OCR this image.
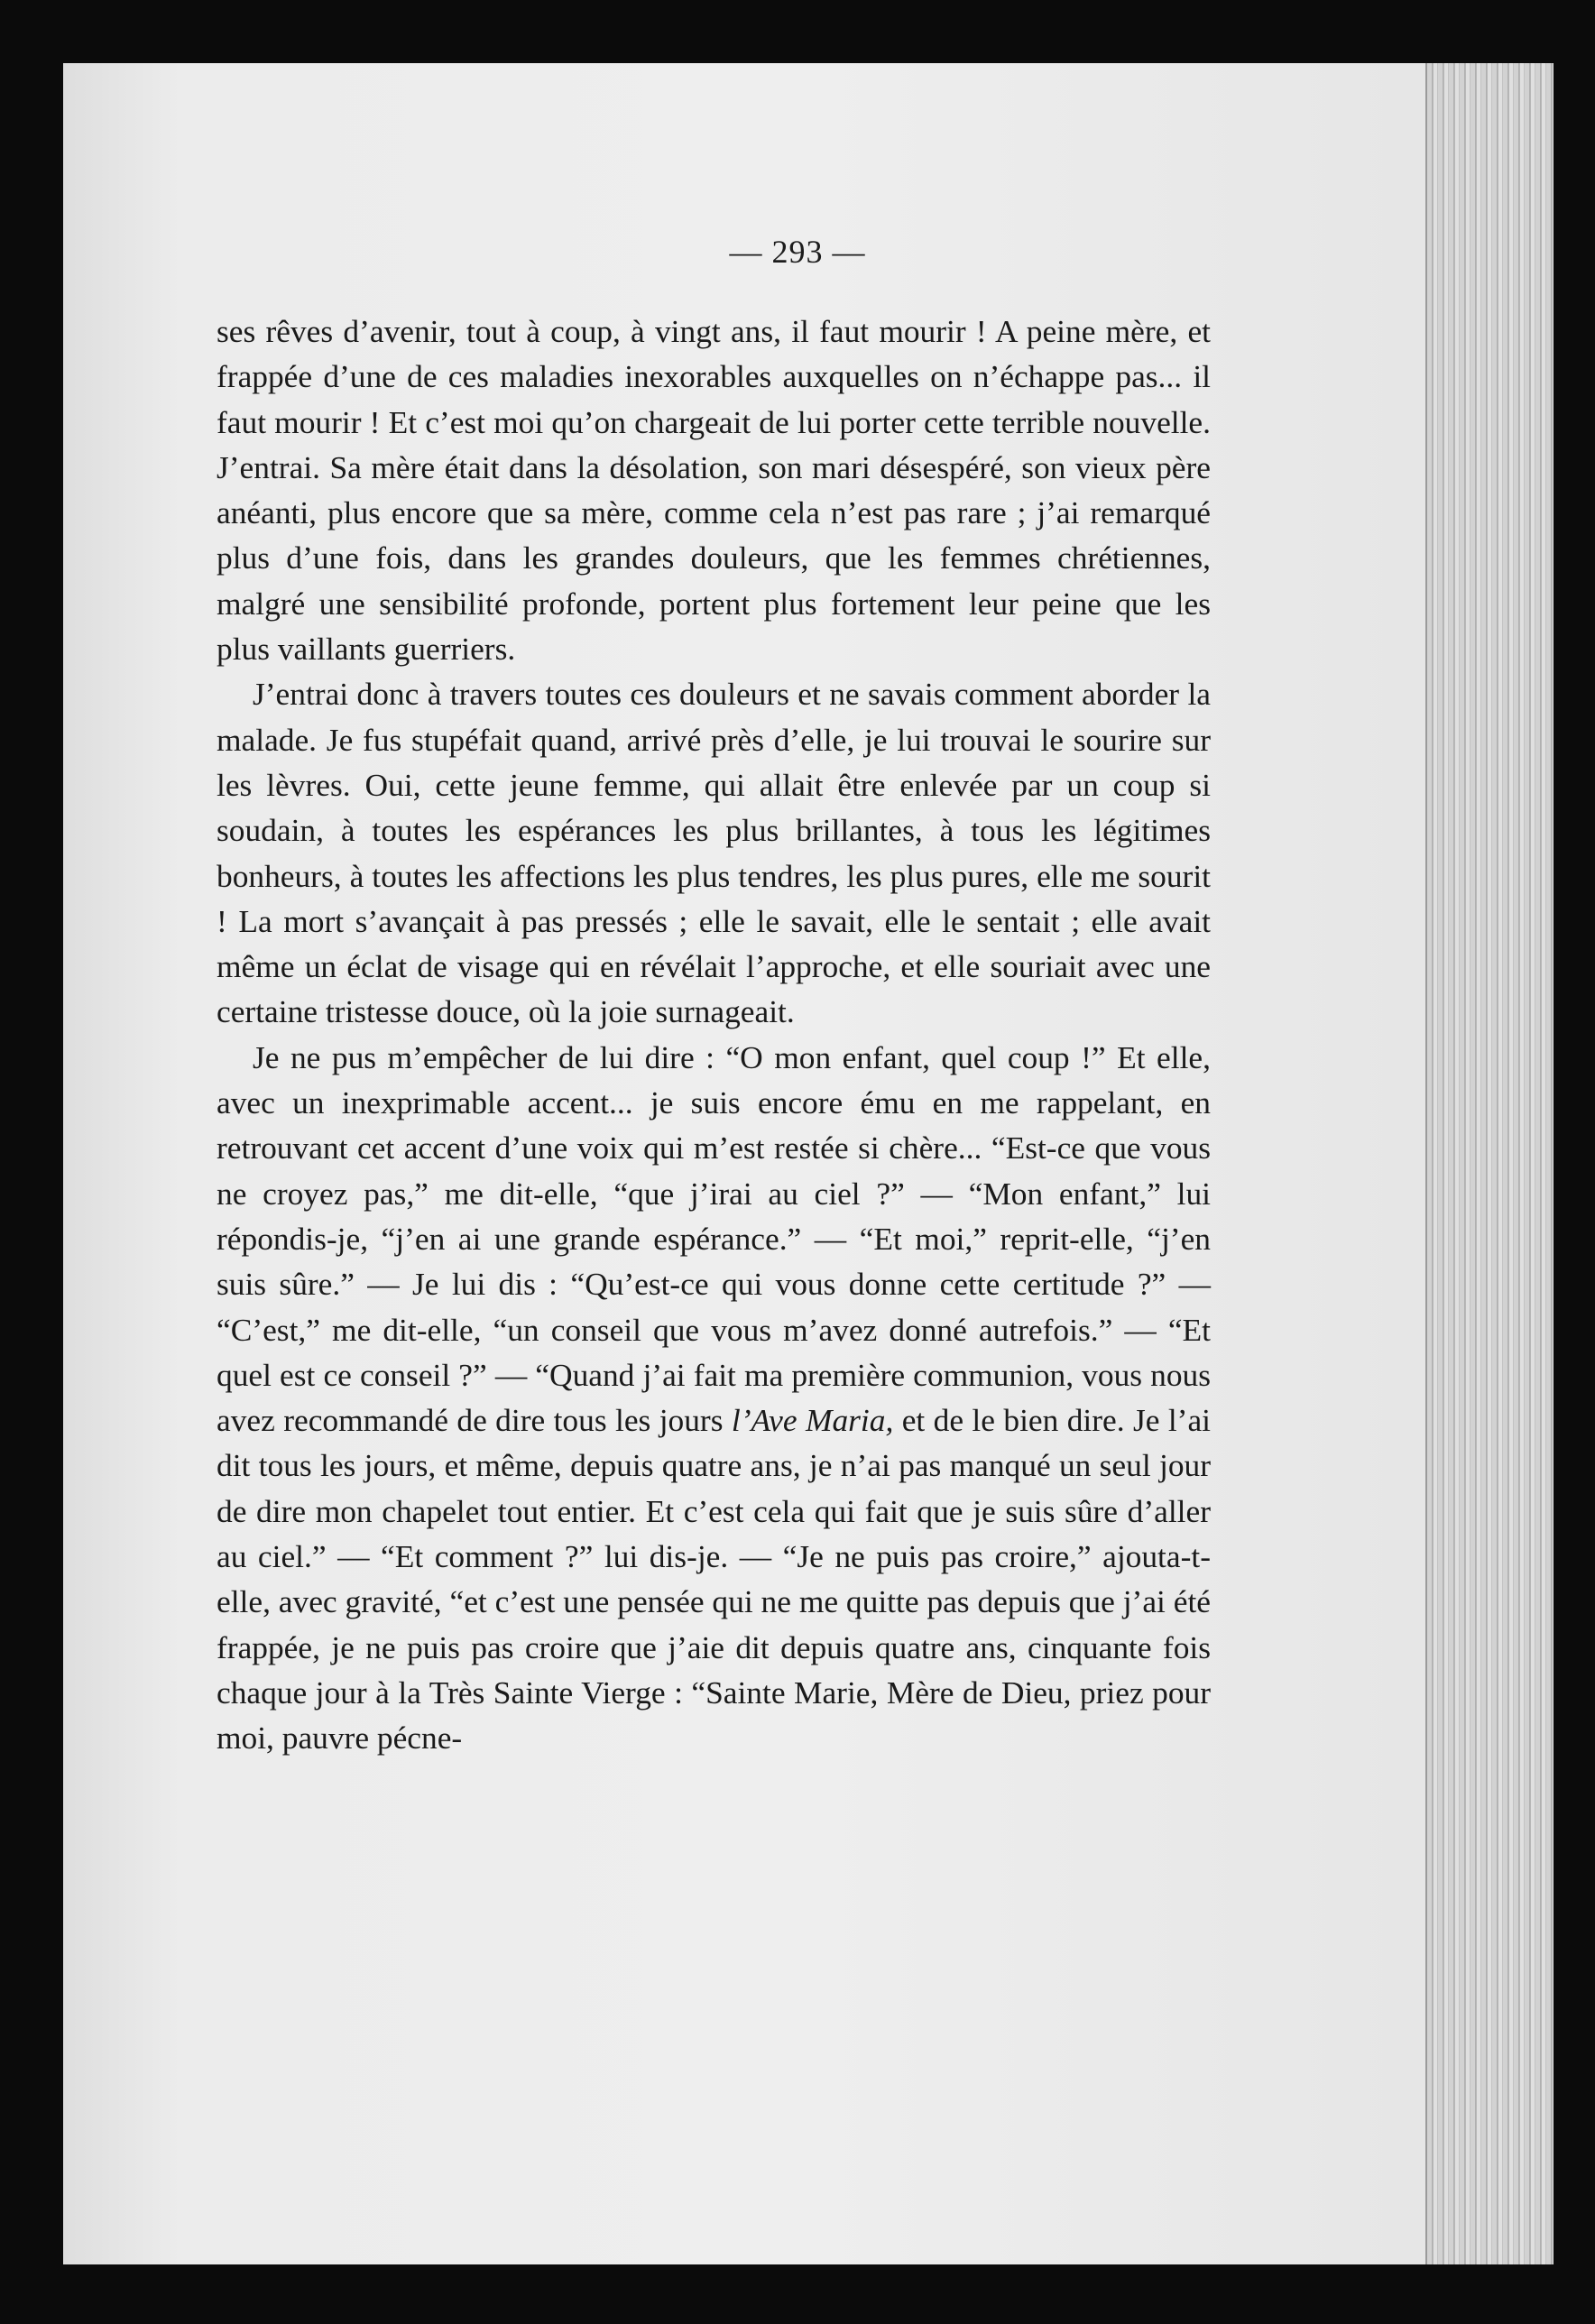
— 293 —

ses rêves d’avenir, tout à coup, à vingt ans, il faut mourir ! A peine mère, et frappée d’une de ces maladies inexorables auxquelles on n’échappe pas... il faut mourir ! Et c’est moi qu’on chargeait de lui porter cette terrible nouvelle. J’entrai. Sa mère était dans la désolation, son mari désespéré, son vieux père anéanti, plus encore que sa mère, comme cela n’est pas rare ; j’ai remarqué plus d’une fois, dans les grandes douleurs, que les femmes chrétiennes, malgré une sensibilité profonde, portent plus fortement leur peine que les plus vaillants guerriers.

J’entrai donc à travers toutes ces douleurs et ne savais comment aborder la malade. Je fus stupéfait quand, arrivé près d’elle, je lui trouvai le sourire sur les lèvres. Oui, cette jeune femme, qui allait être enlevée par un coup si soudain, à toutes les espérances les plus brillantes, à tous les légitimes bonheurs, à toutes les affections les plus tendres, les plus pures, elle me sourit ! La mort s’avançait à pas pressés ; elle le savait, elle le sentait ; elle avait même un éclat de visage qui en révélait l’approche, et elle souriait avec une certaine tristesse douce, où la joie surnageait.

Je ne pus m’empêcher de lui dire : “O mon enfant, quel coup !” Et elle, avec un inexprimable accent... je suis encore ému en me rappelant, en retrouvant cet accent d’une voix qui m’est restée si chère... “Est-ce que vous ne croyez pas,” me dit-elle, “que j’irai au ciel ?” — “Mon enfant,” lui répondis-je, “j’en ai une grande espérance.” — “Et moi,” reprit-elle, “j’en suis sûre.” — Je lui dis : “Qu’est-ce qui vous donne cette certitude ?” — “C’est,” me dit-elle, “un conseil que vous m’avez donné autrefois.” — “Et quel est ce conseil ?” — “Quand j’ai fait ma première communion, vous nous avez recommandé de dire tous les jours l’Ave Maria, et de le bien dire. Je l’ai dit tous les jours, et même, depuis quatre ans, je n’ai pas manqué un seul jour de dire mon chapelet tout entier. Et c’est cela qui fait que je suis sûre d’aller au ciel.” — “Et comment ?” lui dis-je. — “Je ne puis pas croire,” ajouta-t-elle, avec gravité, “et c’est une pensée qui ne me quitte pas depuis que j’ai été frappée, je ne puis pas croire que j’aie dit depuis quatre ans, cinquante fois chaque jour à la Très Sainte Vierge : “Sainte Marie, Mère de Dieu, priez pour moi, pauvre pécne-
